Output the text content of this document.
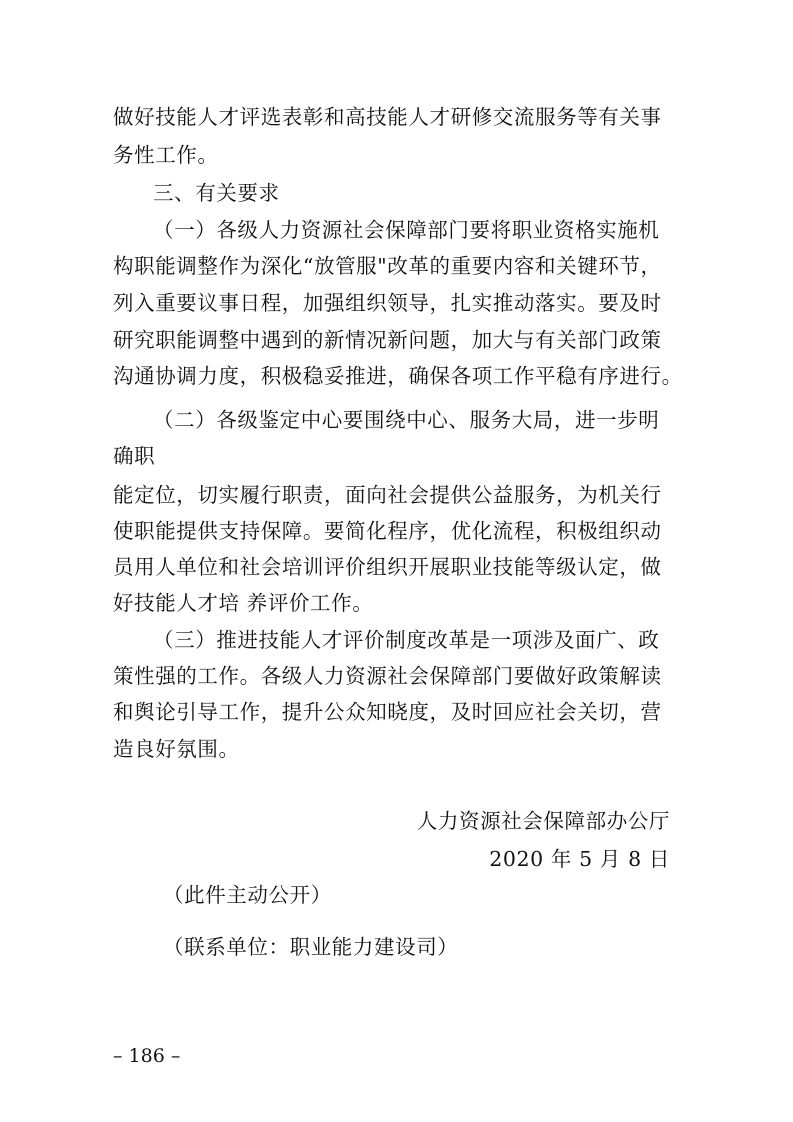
做好技能人才评选表彰和高技能人才研修交流服务等有关事
务性工作。
三、有关要求
（一）各级人力资源社会保障部门要将职业资格实施机
构职能调整作为深化“放管服"改革的重要内容和关键环节，
列入重要议事日程，加强组织领导，扎实推动落实。要及时
研究职能调整中遇到的新情况新问题，加大与有关部门政策
沟通协调力度，积极稳妥推进，确保各项工作平稳有序进行。
（二）各级鉴定中心要围绕中心、服务大局，进一步明
确职
能定位，切实履行职责，面向社会提供公益服务，为机关行
使职能提供支持保障。要简化程序，优化流程，积极组织动
员用人单位和社会培训评价组织开展职业技能等级认定，做
好技能人才培 养评价工作。
（三）推进技能人才评价制度改革是一项涉及面广、政
策性强的工作。各级人力资源社会保障部门要做好政策解读
和舆论引导工作，提升公众知晓度，及时回应社会关切，营
造良好氛围。
人力资源社会保障部办公厅
2020 年 5 月 8 日
（此件主动公开）
（联系单位：职业能力建设司）
– 186 –
